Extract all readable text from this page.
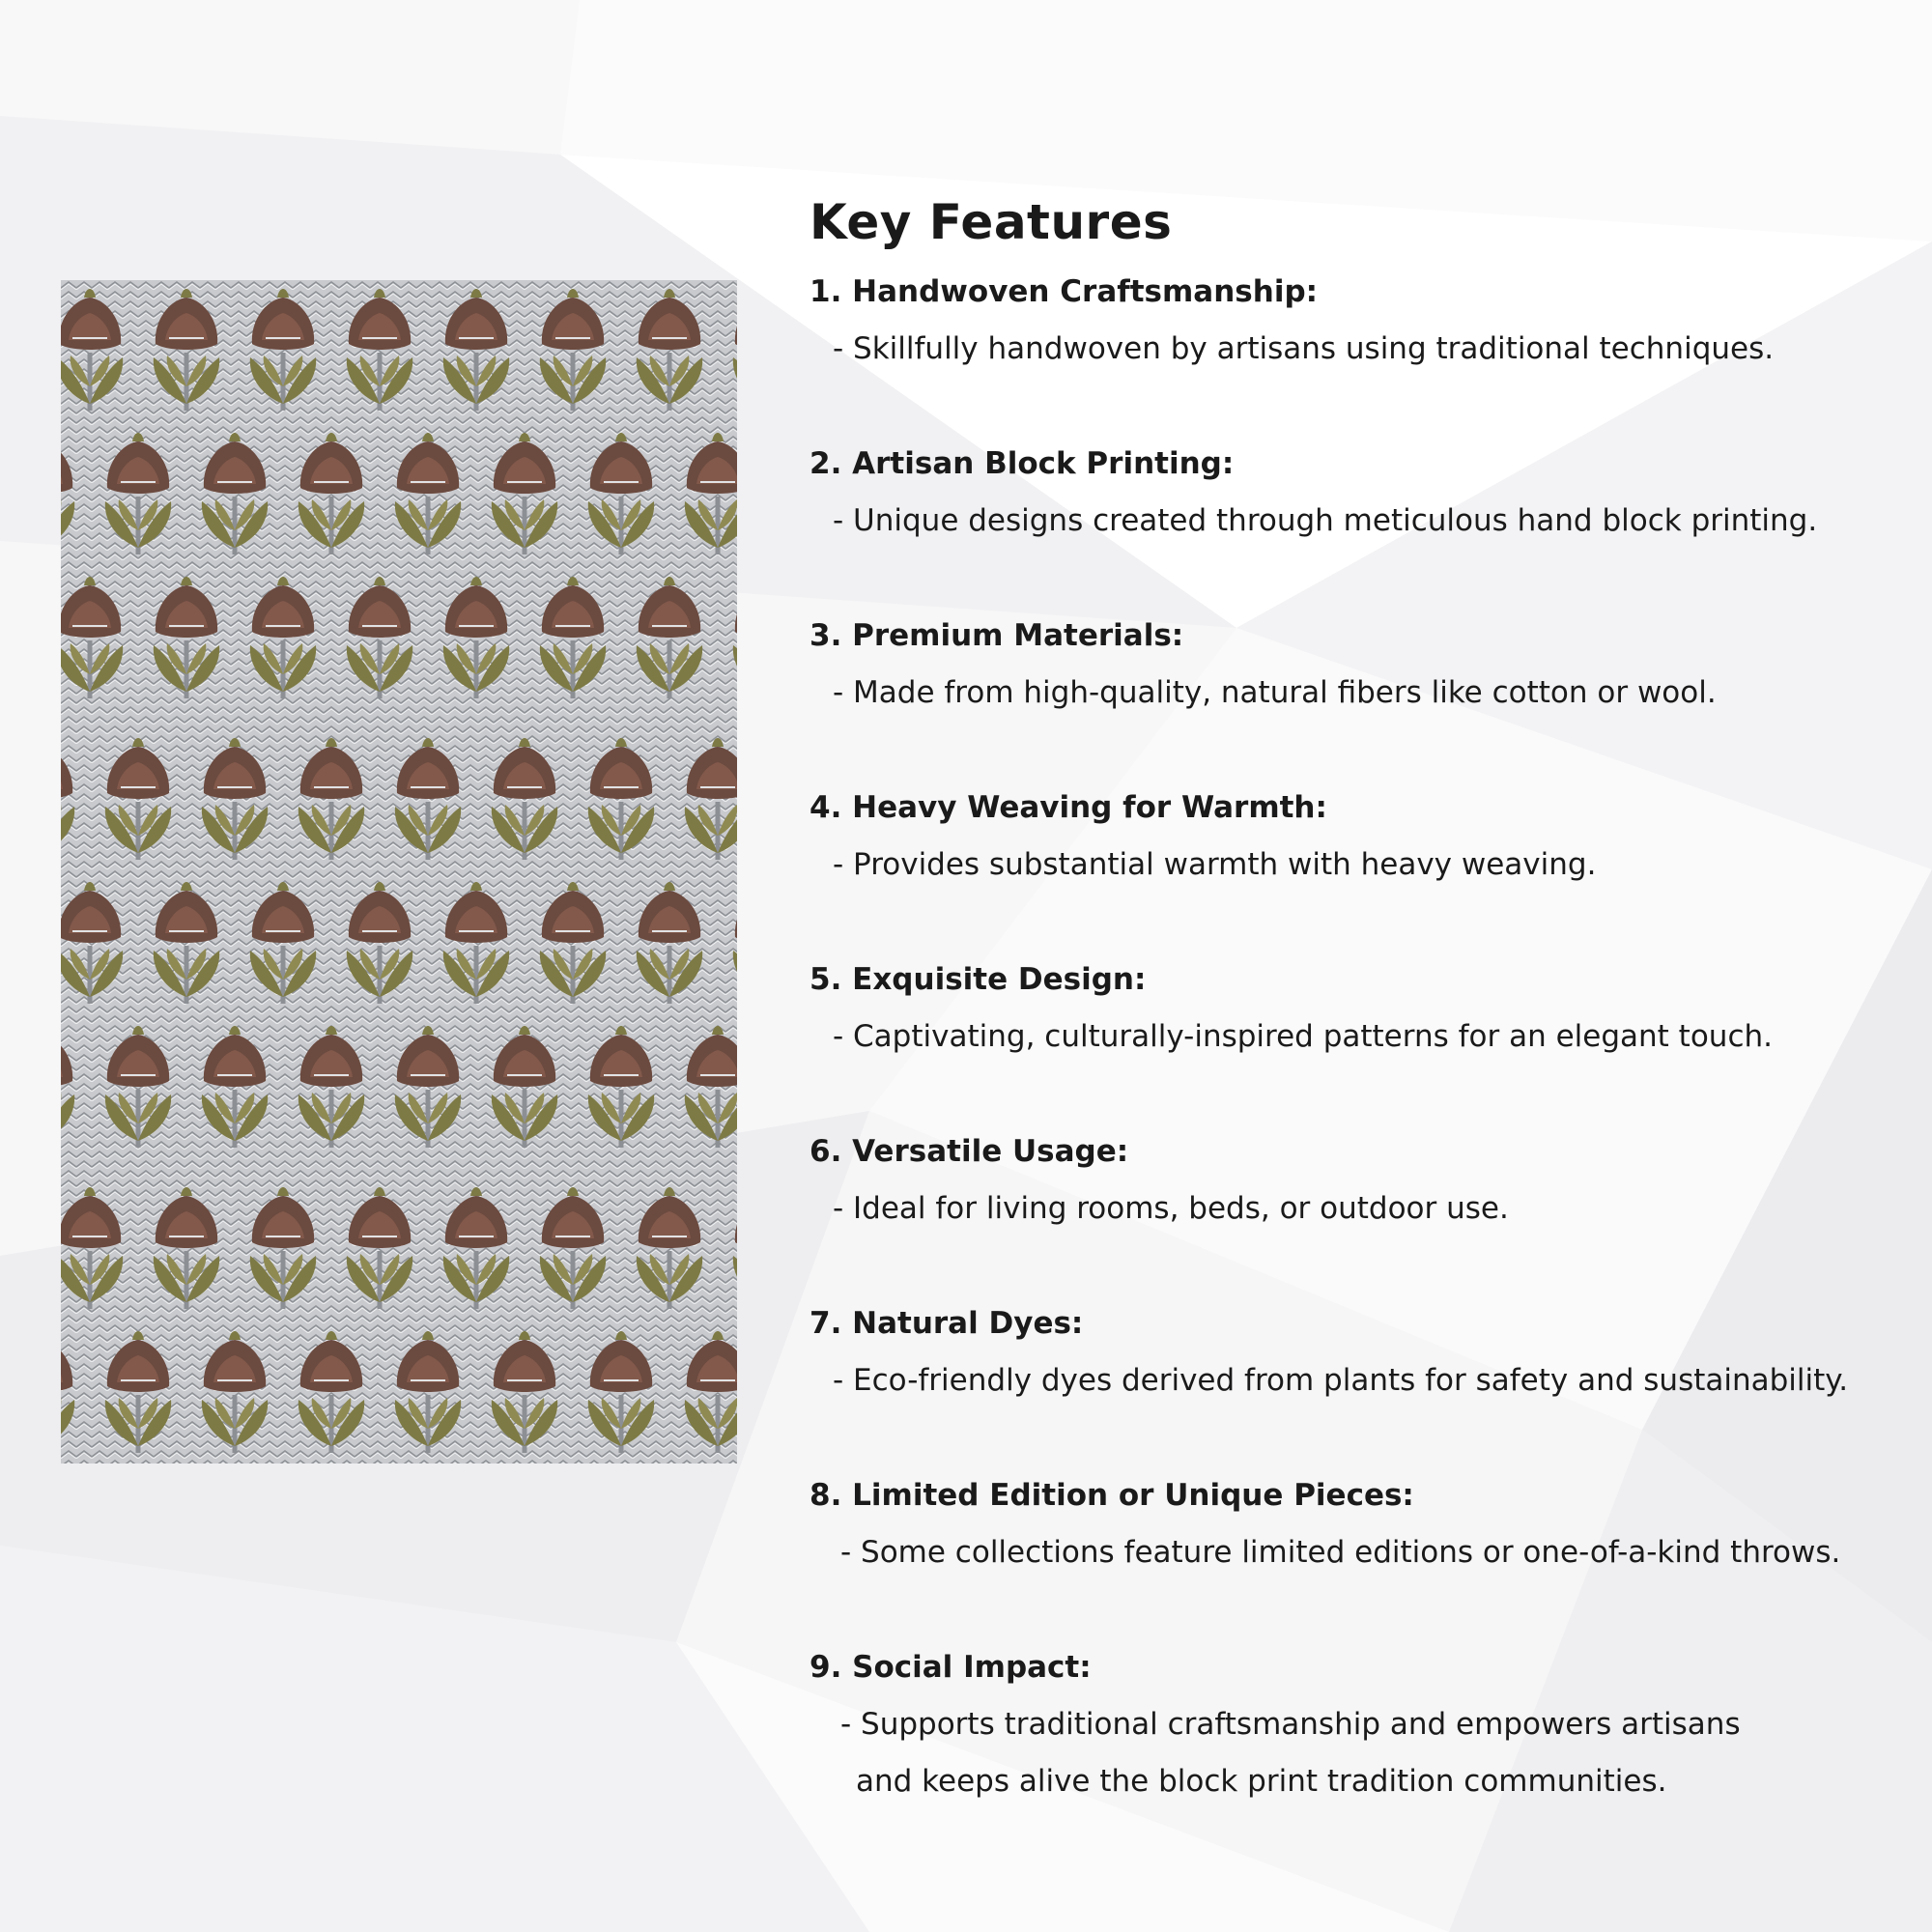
Key Features
1. Handwoven Craftsmanship:
- Skillfully handwoven by artisans using traditional techniques.
2. Artisan Block Printing:
- Unique designs created through meticulous hand block printing.
3. Premium Materials:
- Made from high-quality, natural fibers like cotton or wool.
4. Heavy Weaving for Warmth:
- Provides substantial warmth with heavy weaving.
5. Exquisite Design:
- Captivating, culturally-inspired patterns for an elegant touch.
6. Versatile Usage:
- Ideal for living rooms, beds, or outdoor use.
7. Natural Dyes:
- Eco-friendly dyes derived from plants for safety and sustainability.
8. Limited Edition or Unique Pieces:
- Some collections feature limited editions or one-of-a-kind throws.
9. Social Impact:
- Supports traditional craftsmanship and empowers artisans
and keeps alive the block print tradition communities.
